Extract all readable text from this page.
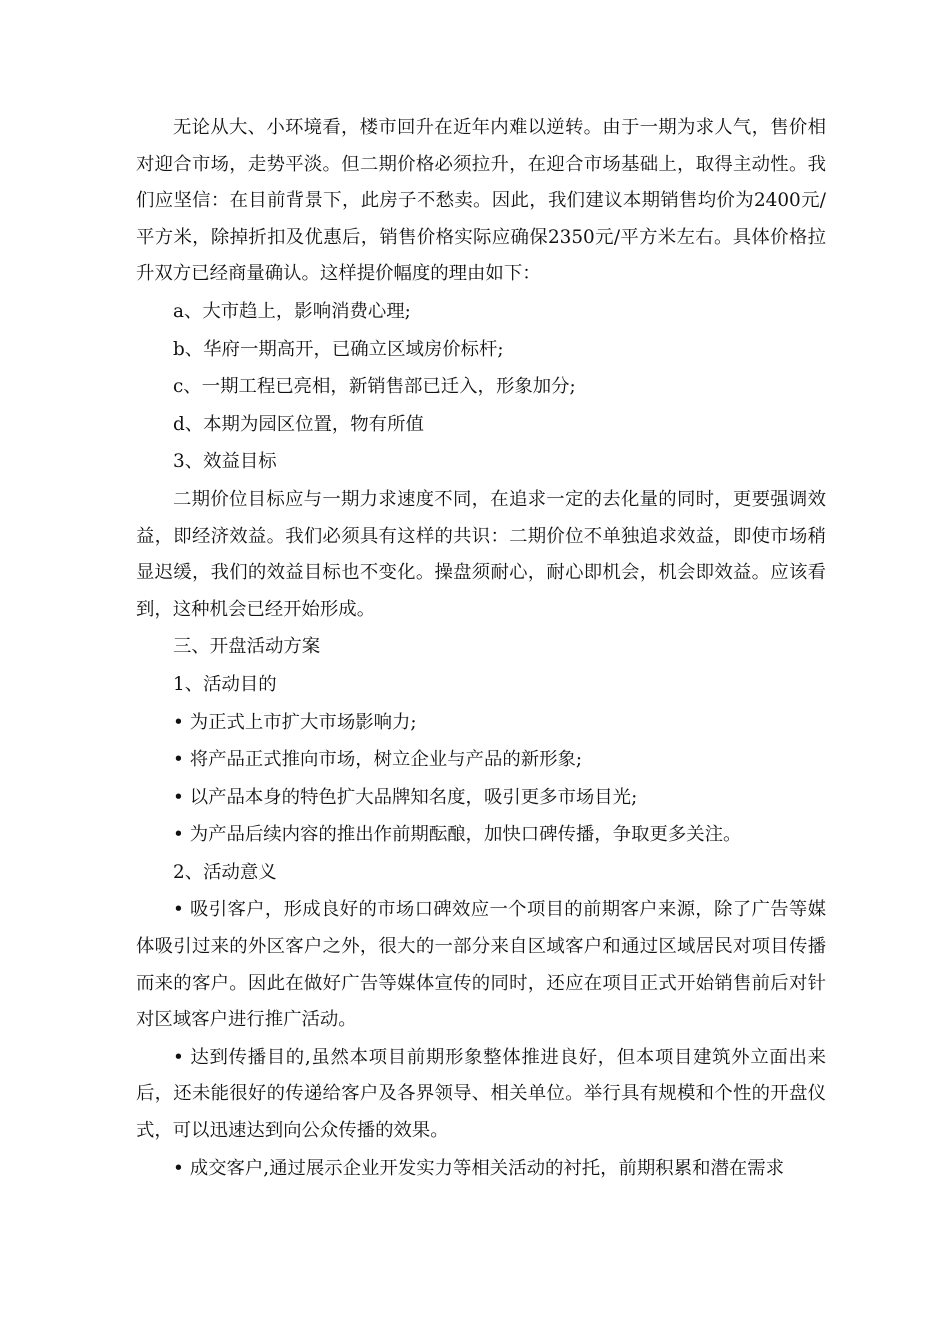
无论从大、小环境看，楼市回升在近年内难以逆转。由于一期为求人气，售价相对迎合市场，走势平淡。但二期价格必须拉升，在迎合市场基础上，取得主动性。我们应坚信：在目前背景下，此房子不愁卖。因此，我们建议本期销售均价为2400元/平方米，除掉折扣及优惠后，销售价格实际应确保2350元/平方米左右。具体价格拉升双方已经商量确认。这样提价幅度的理由如下：

a、大市趋上，影响消费心理;

b、华府一期高开，已确立区域房价标杆;

c、一期工程已亮相，新销售部已迁入，形象加分;

d、本期为园区位置，物有所值

3、效益目标

二期价位目标应与一期力求速度不同，在追求一定的去化量的同时，更要强调效益，即经济效益。我们必须具有这样的共识：二期价位不单独追求效益，即使市场稍显迟缓，我们的效益目标也不变化。操盘须耐心，耐心即机会，机会即效益。应该看到，这种机会已经开始形成。

三、开盘活动方案

1、活动目的

• 为正式上市扩大市场影响力;

• 将产品正式推向市场，树立企业与产品的新形象;

• 以产品本身的特色扩大品牌知名度，吸引更多市场目光;

• 为产品后续内容的推出作前期酝酿，加快口碑传播，争取更多关注。

2、活动意义

• 吸引客户，形成良好的市场口碑效应一个项目的前期客户来源，除了广告等媒体吸引过来的外区客户之外，很大的一部分来自区域客户和通过区域居民对项目传播而来的客户。因此在做好广告等媒体宣传的同时，还应在项目正式开始销售前后对针对区域客户进行推广活动。

• 达到传播目的,虽然本项目前期形象整体推进良好，但本项目建筑外立面出来后，还未能很好的传递给客户及各界领导、相关单位。举行具有规模和个性的开盘仪式，可以迅速达到向公众传播的效果。

• 成交客户,通过展示企业开发实力等相关活动的衬托，前期积累和潜在需求
